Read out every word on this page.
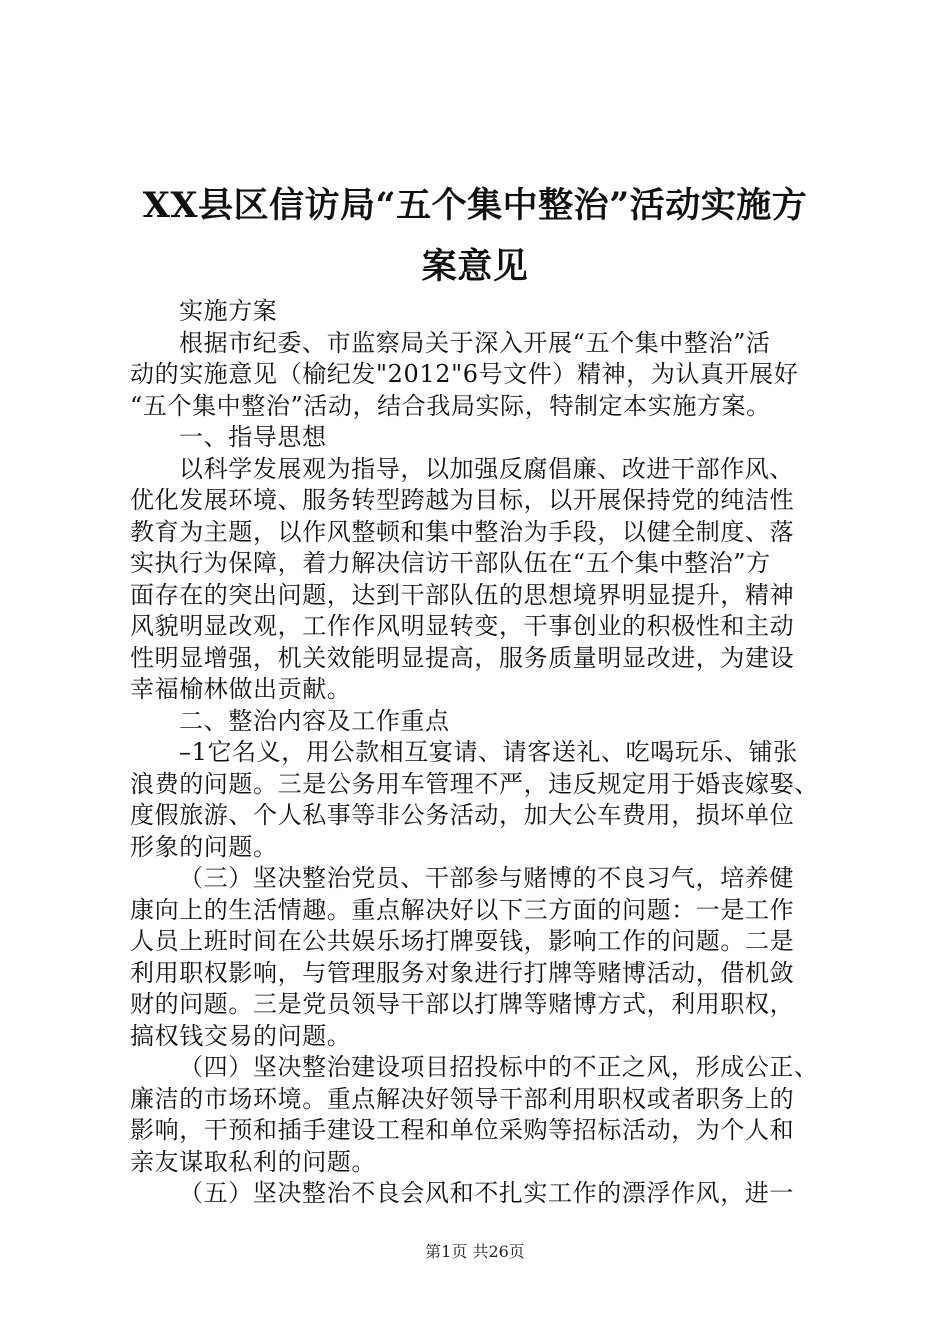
XX县区信访局“五个集中整治”活动实施方
案意见
实施方案
根据市纪委、市监察局关于深入开展“五个集中整治”活
动的实施意见（榆纪发"2012"6号文件）精神，为认真开展好
“五个集中整治”活动，结合我局实际，特制定本实施方案。
一、指导思想
以科学发展观为指导，以加强反腐倡廉、改进干部作风、
优化发展环境、服务转型跨越为目标，以开展保持党的纯洁性
教育为主题，以作风整顿和集中整治为手段，以健全制度、落
实执行为保障，着力解决信访干部队伍在“五个集中整治”方
面存在的突出问题，达到干部队伍的思想境界明显提升，精神
风貌明显改观，工作作风明显转变，干事创业的积极性和主动
性明显增强，机关效能明显提高，服务质量明显改进，为建设
幸福榆林做出贡献。
二、整治内容及工作重点
–1它名义，用公款相互宴请、请客送礼、吃喝玩乐、铺张
浪费的问题。三是公务用车管理不严，违反规定用于婚丧嫁娶、
度假旅游、个人私事等非公务活动，加大公车费用，损坏单位
形象的问题。
（三）坚决整治党员、干部参与赌博的不良习气，培养健
康向上的生活情趣。重点解决好以下三方面的问题：一是工作
人员上班时间在公共娱乐场打牌耍钱，影响工作的问题。二是
利用职权影响，与管理服务对象进行打牌等赌博活动，借机敛
财的问题。三是党员领导干部以打牌等赌博方式，利用职权，
搞权钱交易的问题。
（四）坚决整治建设项目招投标中的不正之风，形成公正、
廉洁的市场环境。重点解决好领导干部利用职权或者职务上的
影响，干预和插手建设工程和单位采购等招标活动，为个人和
亲友谋取私利的问题。
（五）坚决整治不良会风和不扎实工作的漂浮作风，进一
第1页 共26页
